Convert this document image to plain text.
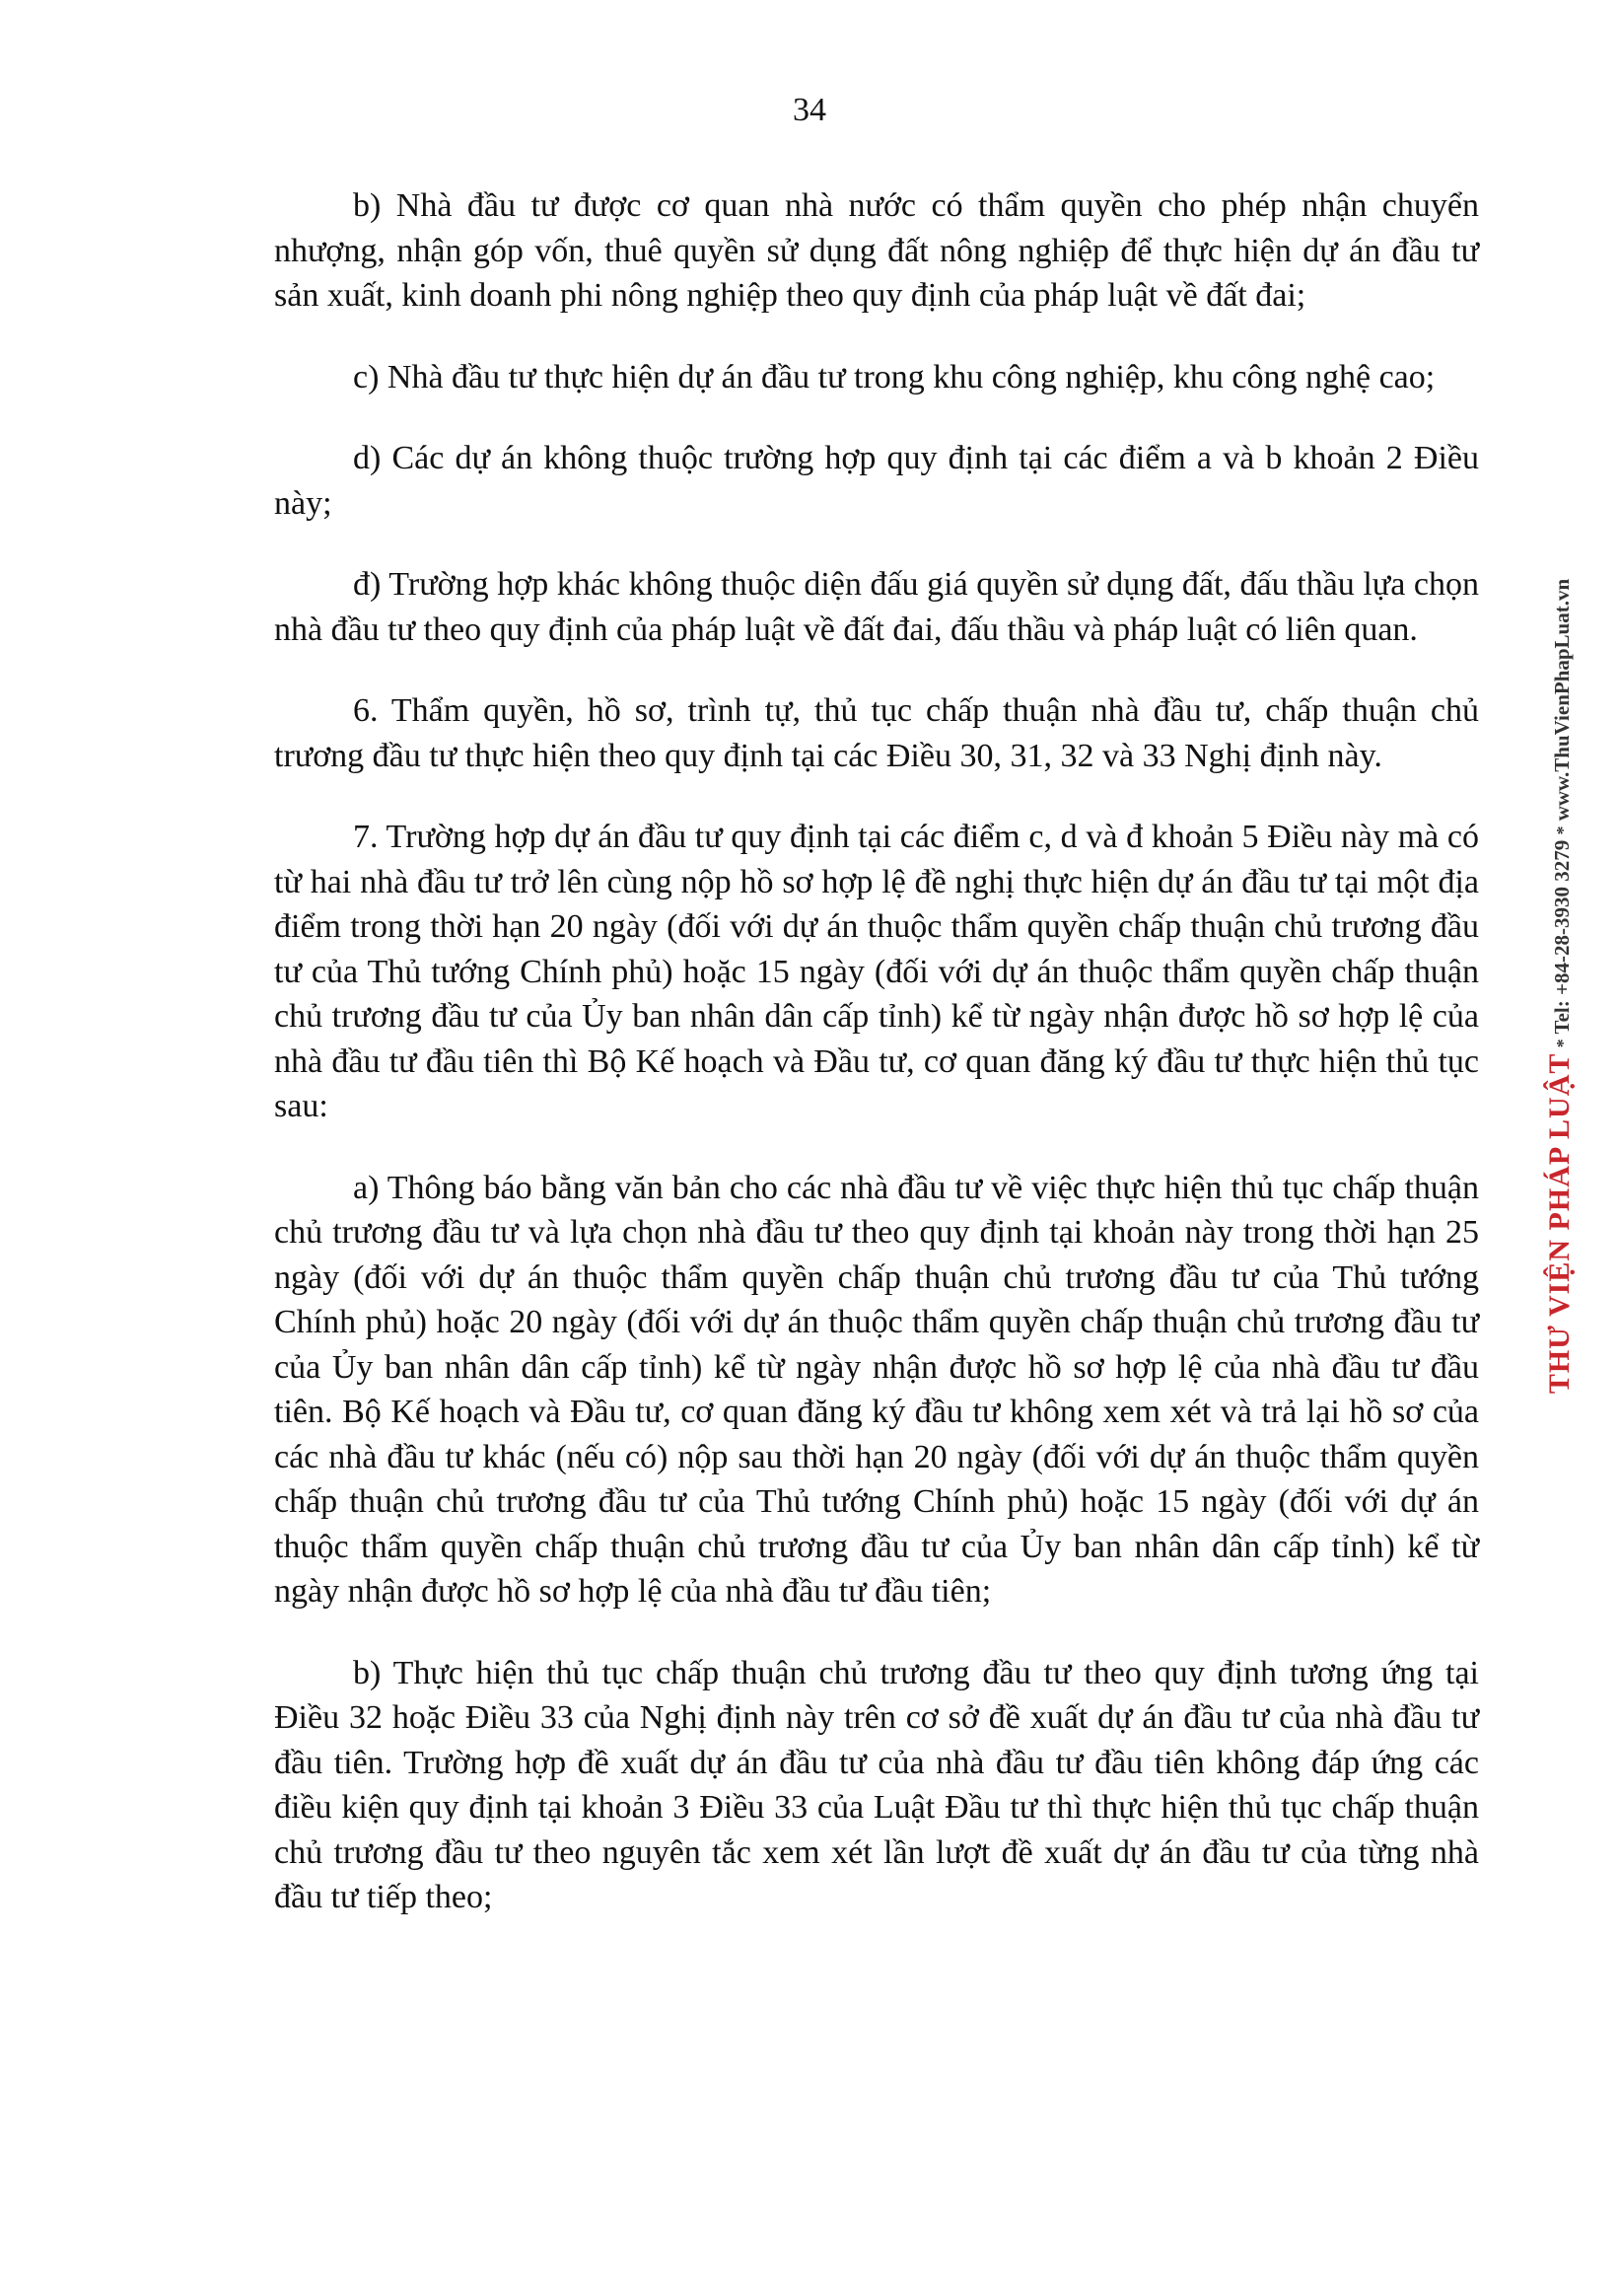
34

b) Nhà đầu tư được cơ quan nhà nước có thẩm quyền cho phép nhận chuyển nhượng, nhận góp vốn, thuê quyền sử dụng đất nông nghiệp để thực hiện dự án đầu tư sản xuất, kinh doanh phi nông nghiệp theo quy định của pháp luật về đất đai;

c) Nhà đầu tư thực hiện dự án đầu tư trong khu công nghiệp, khu công nghệ cao;

d) Các dự án không thuộc trường hợp quy định tại các điểm a và b khoản 2 Điều này;

đ) Trường hợp khác không thuộc diện đấu giá quyền sử dụng đất, đấu thầu lựa chọn nhà đầu tư theo quy định của pháp luật về đất đai, đấu thầu và pháp luật có liên quan.

6. Thẩm quyền, hồ sơ, trình tự, thủ tục chấp thuận nhà đầu tư, chấp thuận chủ trương đầu tư thực hiện theo quy định tại các Điều 30, 31, 32 và 33 Nghị định này.

7. Trường hợp dự án đầu tư quy định tại các điểm c, d và đ khoản 5 Điều này mà có từ hai nhà đầu tư trở lên cùng nộp hồ sơ hợp lệ đề nghị thực hiện dự án đầu tư tại một địa điểm trong thời hạn 20 ngày (đối với dự án thuộc thẩm quyền chấp thuận chủ trương đầu tư của Thủ tướng Chính phủ) hoặc 15 ngày (đối với dự án thuộc thẩm quyền chấp thuận chủ trương đầu tư của Ủy ban nhân dân cấp tỉnh) kể từ ngày nhận được hồ sơ hợp lệ của nhà đầu tư đầu tiên thì Bộ Kế hoạch và Đầu tư, cơ quan đăng ký đầu tư thực hiện thủ tục sau:

a) Thông báo bằng văn bản cho các nhà đầu tư về việc thực hiện thủ tục chấp thuận chủ trương đầu tư và lựa chọn nhà đầu tư theo quy định tại khoản này trong thời hạn 25 ngày (đối với dự án thuộc thẩm quyền chấp thuận chủ trương đầu tư của Thủ tướng Chính phủ) hoặc 20 ngày (đối với dự án thuộc thẩm quyền chấp thuận chủ trương đầu tư của Ủy ban nhân dân cấp tỉnh) kể từ ngày nhận được hồ sơ hợp lệ của nhà đầu tư đầu tiên. Bộ Kế hoạch và Đầu tư, cơ quan đăng ký đầu tư không xem xét và trả lại hồ sơ của các nhà đầu tư khác (nếu có) nộp sau thời hạn 20 ngày (đối với dự án thuộc thẩm quyền chấp thuận chủ trương đầu tư của Thủ tướng Chính phủ) hoặc 15 ngày (đối với dự án thuộc thẩm quyền chấp thuận chủ trương đầu tư của Ủy ban nhân dân cấp tỉnh) kể từ ngày nhận được hồ sơ hợp lệ của nhà đầu tư đầu tiên;

b) Thực hiện thủ tục chấp thuận chủ trương đầu tư theo quy định tương ứng tại Điều 32 hoặc Điều 33 của Nghị định này trên cơ sở đề xuất dự án đầu tư của nhà đầu tư đầu tiên. Trường hợp đề xuất dự án đầu tư của nhà đầu tư đầu tiên không đáp ứng các điều kiện quy định tại khoản 3 Điều 33 của Luật Đầu tư thì thực hiện thủ tục chấp thuận chủ trương đầu tư theo nguyên tắc xem xét lần lượt đề xuất dự án đầu tư của từng nhà đầu tư tiếp theo;

THƯ VIỆN PHÁP LUẬT * Tel: +84-28-3930 3279 * www.ThuVienPhapLuat.vn
